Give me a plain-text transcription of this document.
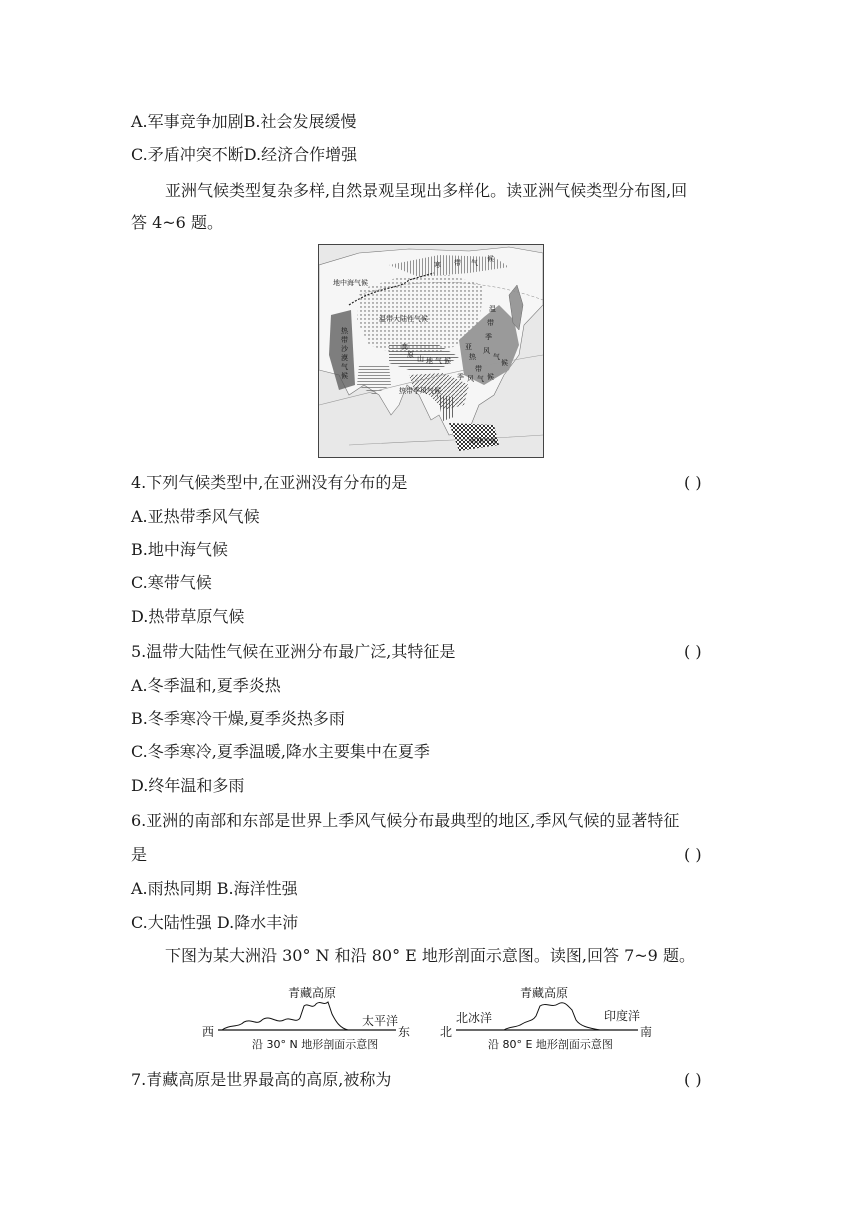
A.军事竞争加剧B.社会发展缓慢
C.矛盾冲突不断D.经济合作增强
亚洲气候类型复杂多样,自然景观呈现出多样化。读亚洲气候类型分布图,回
答 4~6 题。
地中海气候
温带大陆性气候
热带季风气候
高
原 山 地 气 候
寒 带 气 候
温
带
季
风
气
候
亚
热
带
季 风 气 候
雨林气候
热
带
沙
漠
气
候
4.下列气候类型中,在亚洲没有分布的是	( )
A.亚热带季风气候
B.地中海气候
C.寒带气候
D.热带草原气候
5.温带大陆性气候在亚洲分布最广泛,其特征是	( )
A.冬季温和,夏季炎热
B.冬季寒冷干燥,夏季炎热多雨
C.冬季寒冷,夏季温暖,降水主要集中在夏季
D.终年温和多雨
6.亚洲的南部和东部是世界上季风气候分布最典型的地区,季风气候的显著特征
是	( )
A.雨热同期 B.海洋性强
C.大陆性强 D.降水丰沛
下图为某大洲沿 30° N 和沿 80° E 地形剖面示意图。读图,回答 7~9 题。
青藏高原
太平洋
西	东
沿 30° N 地形剖面示意图
青藏高原
北冰洋	印度洋
北	南
沿 80° E 地形剖面示意图
7.青藏高原是世界最高的高原,被称为	( )
